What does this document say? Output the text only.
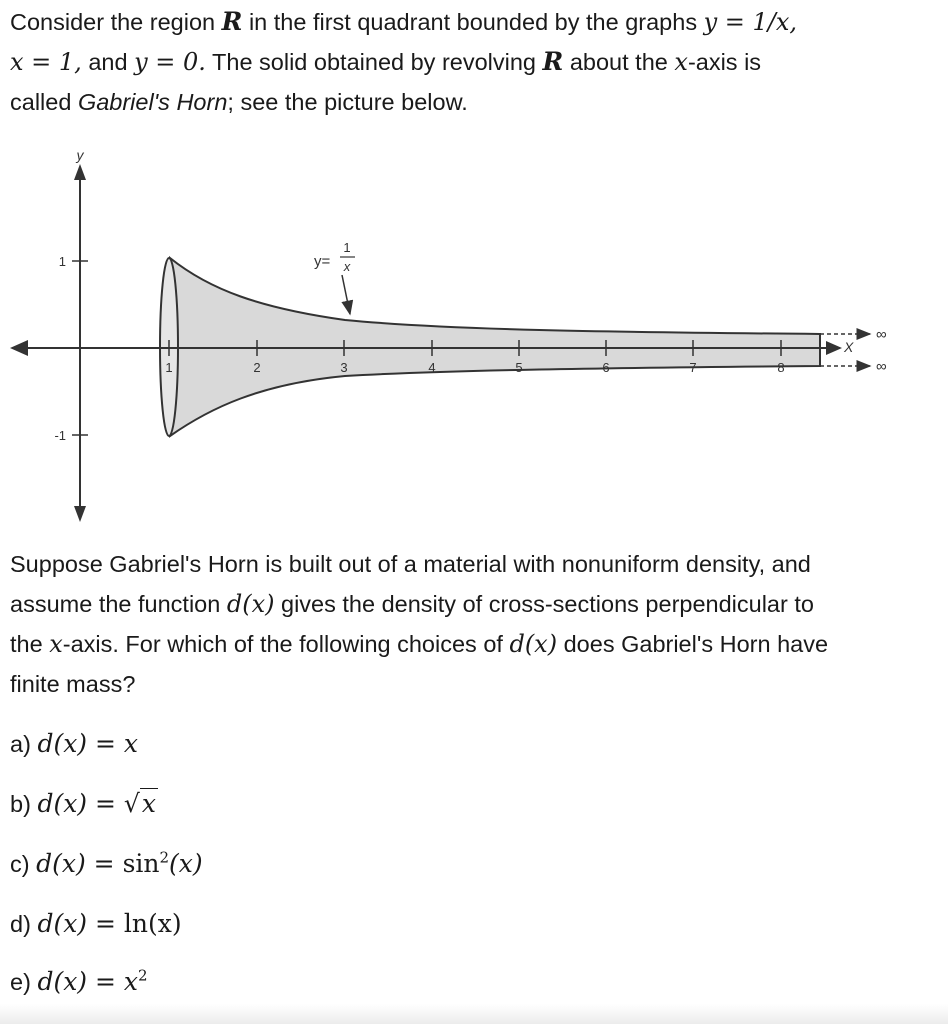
Consider the region R in the first quadrant bounded by the graphs y = 1/x,
x = 1, and y = 0. The solid obtained by revolving R about the x-axis is
called Gabriel's Horn; see the picture below.

y
1
-1
1	2	3	4	5	6	7	8
X
∞
∞
y=
1
x

Suppose Gabriel's Horn is built out of a material with nonuniform density, and
assume the function d(x) gives the density of cross-sections perpendicular to
the x-axis. For which of the following choices of d(x) does Gabriel's Horn have
finite mass?

a) d(x) = x
b) d(x) = √x
c) $d(x) = \sin^2(x)$
d) d(x) = ln(x)
e) $d(x) = x^2$
